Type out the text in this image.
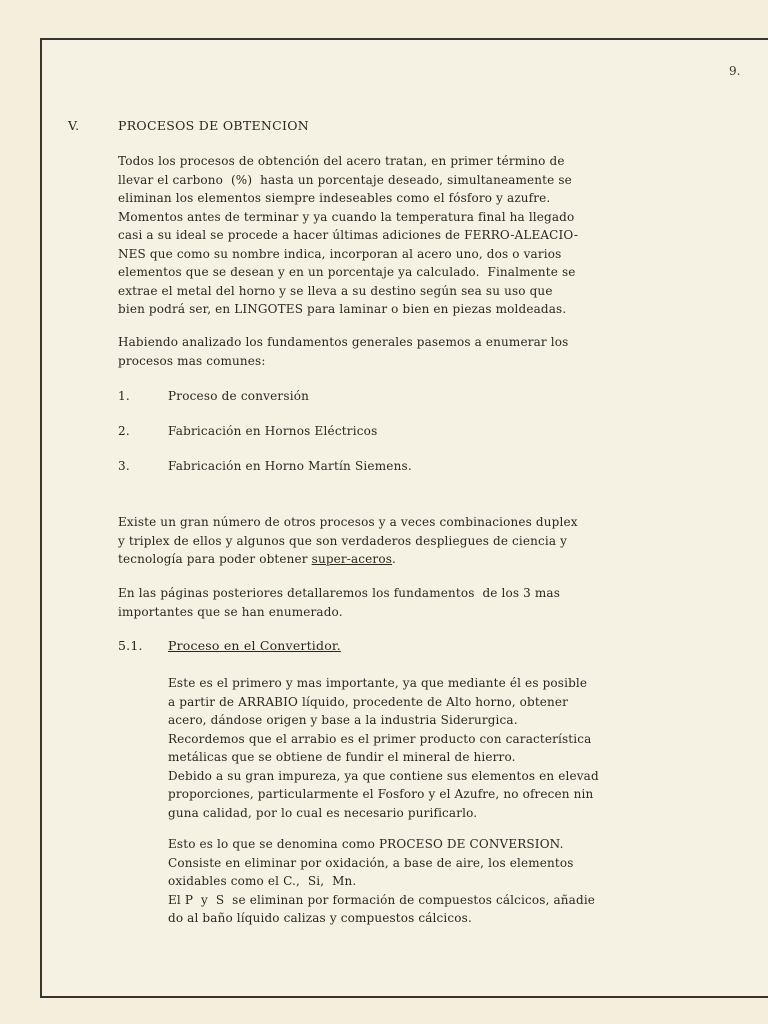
9.
V.	PROCESOS DE OBTENCION
Todos los procesos de obtención del acero tratan, en primer término de
llevar el carbono  (%)  hasta un porcentaje deseado, simultaneamente se
eliminan los elementos siempre indeseables como el fósforo y azufre.
Momentos antes de terminar y ya cuando la temperatura final ha llegado
casi a su ideal se procede a hacer últimas adiciones de FERRO-ALEACIO-
NES que como su nombre indica, incorporan al acero uno, dos o varios
elementos que se desean y en un porcentaje ya calculado.  Finalmente se
extrae el metal del horno y se lleva a su destino según sea su uso que
bien podrá ser, en LINGOTES para laminar o bien en piezas moldeadas.
Habiendo analizado los fundamentos generales pasemos a enumerar los
procesos mas comunes:
1.	Proceso de conversión
2.	Fabricación en Hornos Eléctricos
3.	Fabricación en Horno Martín Siemens.
Existe un gran número de otros procesos y a veces combinaciones duplex
y triplex de ellos y algunos que son verdaderos despliegues de ciencia y
tecnología para poder obtener super-aceros.
En las páginas posteriores detallaremos los fundamentos  de los 3 mas
importantes que se han enumerado.
5.1. Proceso en el Convertidor.
Este es el primero y mas importante, ya que mediante él es posible
a partir de ARRABIO líquido, procedente de Alto horno, obtener
acero, dándose origen y base a la industria Siderurgica.
Recordemos que el arrabio es el primer producto con característica
metálicas que se obtiene de fundir el mineral de hierro.
Debido a su gran impureza, ya que contiene sus elementos en elevad
proporciones, particularmente el Fosforo y el Azufre, no ofrecen nin
guna calidad, por lo cual es necesario purificarlo.
Esto es lo que se denomina como PROCESO DE CONVERSION.
Consiste en eliminar por oxidación, a base de aire, los elementos
oxidables como el C.,  Si,  Mn.
El P  y  S  se eliminan por formación de compuestos cálcicos, añadie
do al baño líquido calizas y compuestos cálcicos.
